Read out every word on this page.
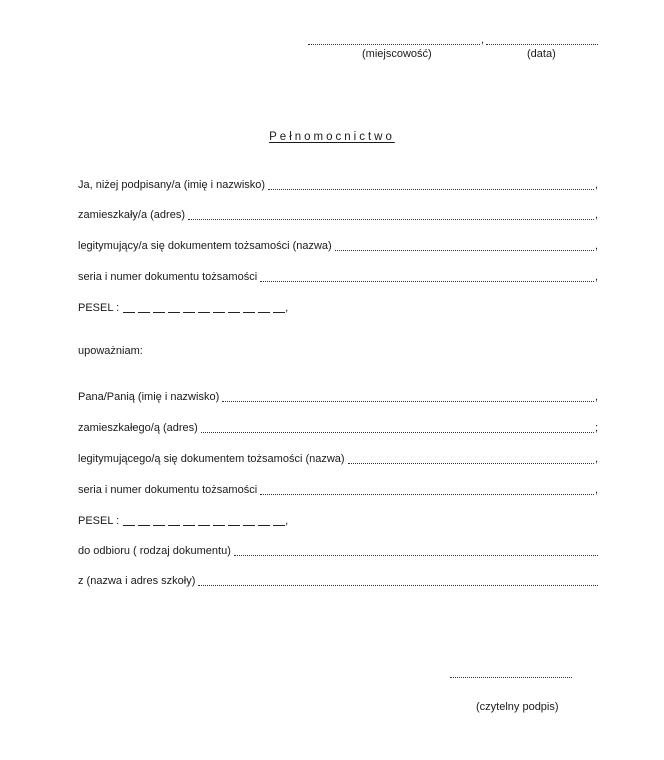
,
(miejscowość)	(data)
Pełnomocnictwo
Ja, niżej podpisany/a (imię i nazwisko)	,
zamieszkały/a (adres)	,
legitymujący/a się dokumentem tożsamości (nazwa)	,
seria i numer dokumentu tożsamości	,
PESEL :	,
upoważniam:
Pana/Panią (imię i nazwisko)	,
zamieszkałego/ą (adres)	;
legitymującego/ą się dokumentem tożsamości (nazwa)	,
seria i numer dokumentu tożsamości	,
PESEL :	,
do odbioru ( rodzaj dokumentu)
z (nazwa i adres szkoły)
(czytelny podpis)
